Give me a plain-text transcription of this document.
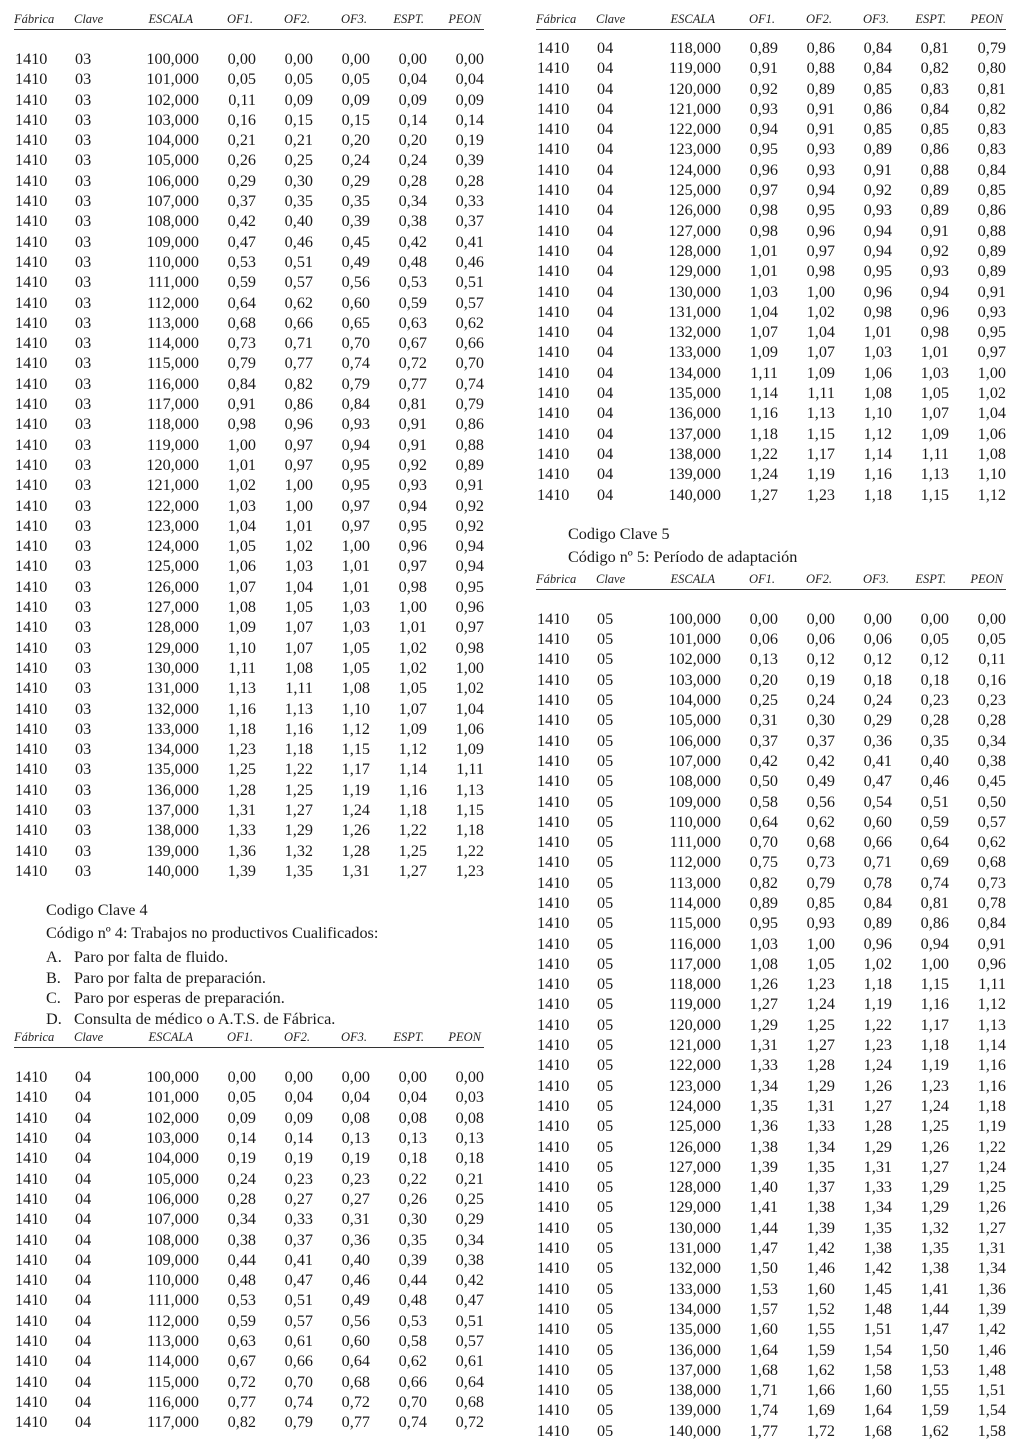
Fábrica	Clave	ESCALA	OF1.	OF2.	OF3.	ESPT.	PEON
1410	03	100,000	0,00	0,00	0,00	0,00	0,00
1410	03	101,000	0,05	0,05	0,05	0,04	0,04
1410	03	102,000	0,11	0,09	0,09	0,09	0,09
1410	03	103,000	0,16	0,15	0,15	0,14	0,14
1410	03	104,000	0,21	0,21	0,20	0,20	0,19
1410	03	105,000	0,26	0,25	0,24	0,24	0,39
1410	03	106,000	0,29	0,30	0,29	0,28	0,28
1410	03	107,000	0,37	0,35	0,35	0,34	0,33
1410	03	108,000	0,42	0,40	0,39	0,38	0,37
1410	03	109,000	0,47	0,46	0,45	0,42	0,41
1410	03	110,000	0,53	0,51	0,49	0,48	0,46
1410	03	111,000	0,59	0,57	0,56	0,53	0,51
1410	03	112,000	0,64	0,62	0,60	0,59	0,57
1410	03	113,000	0,68	0,66	0,65	0,63	0,62
1410	03	114,000	0,73	0,71	0,70	0,67	0,66
1410	03	115,000	0,79	0,77	0,74	0,72	0,70
1410	03	116,000	0,84	0,82	0,79	0,77	0,74
1410	03	117,000	0,91	0,86	0,84	0,81	0,79
1410	03	118,000	0,98	0,96	0,93	0,91	0,86
1410	03	119,000	1,00	0,97	0,94	0,91	0,88
1410	03	120,000	1,01	0,97	0,95	0,92	0,89
1410	03	121,000	1,02	1,00	0,95	0,93	0,91
1410	03	122,000	1,03	1,00	0,97	0,94	0,92
1410	03	123,000	1,04	1,01	0,97	0,95	0,92
1410	03	124,000	1,05	1,02	1,00	0,96	0,94
1410	03	125,000	1,06	1,03	1,01	0,97	0,94
1410	03	126,000	1,07	1,04	1,01	0,98	0,95
1410	03	127,000	1,08	1,05	1,03	1,00	0,96
1410	03	128,000	1,09	1,07	1,03	1,01	0,97
1410	03	129,000	1,10	1,07	1,05	1,02	0,98
1410	03	130,000	1,11	1,08	1,05	1,02	1,00
1410	03	131,000	1,13	1,11	1,08	1,05	1,02
1410	03	132,000	1,16	1,13	1,10	1,07	1,04
1410	03	133,000	1,18	1,16	1,12	1,09	1,06
1410	03	134,000	1,23	1,18	1,15	1,12	1,09
1410	03	135,000	1,25	1,22	1,17	1,14	1,11
1410	03	136,000	1,28	1,25	1,19	1,16	1,13
1410	03	137,000	1,31	1,27	1,24	1,18	1,15
1410	03	138,000	1,33	1,29	1,26	1,22	1,18
1410	03	139,000	1,36	1,32	1,28	1,25	1,22
1410	03	140,000	1,39	1,35	1,31	1,27	1,23
Codigo Clave 4
Código nº 4: Trabajos no productivos Cualificados:
A. Paro por falta de fluido.
B. Paro por falta de preparación.
C. Paro por esperas de preparación.
D. Consulta de médico o A.T.S. de Fábrica.
Fábrica	Clave	ESCALA	OF1.	OF2.	OF3.	ESPT.	PEON
1410	04	100,000	0,00	0,00	0,00	0,00	0,00
1410	04	101,000	0,05	0,04	0,04	0,04	0,03
1410	04	102,000	0,09	0,09	0,08	0,08	0,08
1410	04	103,000	0,14	0,14	0,13	0,13	0,13
1410	04	104,000	0,19	0,19	0,19	0,18	0,18
1410	04	105,000	0,24	0,23	0,23	0,22	0,21
1410	04	106,000	0,28	0,27	0,27	0,26	0,25
1410	04	107,000	0,34	0,33	0,31	0,30	0,29
1410	04	108,000	0,38	0,37	0,36	0,35	0,34
1410	04	109,000	0,44	0,41	0,40	0,39	0,38
1410	04	110,000	0,48	0,47	0,46	0,44	0,42
1410	04	111,000	0,53	0,51	0,49	0,48	0,47
1410	04	112,000	0,59	0,57	0,56	0,53	0,51
1410	04	113,000	0,63	0,61	0,60	0,58	0,57
1410	04	114,000	0,67	0,66	0,64	0,62	0,61
1410	04	115,000	0,72	0,70	0,68	0,66	0,64
1410	04	116,000	0,77	0,74	0,72	0,70	0,68
1410	04	117,000	0,82	0,79	0,77	0,74	0,72
Fábrica	Clave	ESCALA	OF1.	OF2.	OF3.	ESPT.	PEON
1410	04	118,000	0,89	0,86	0,84	0,81	0,79
1410	04	119,000	0,91	0,88	0,84	0,82	0,80
1410	04	120,000	0,92	0,89	0,85	0,83	0,81
1410	04	121,000	0,93	0,91	0,86	0,84	0,82
1410	04	122,000	0,94	0,91	0,85	0,85	0,83
1410	04	123,000	0,95	0,93	0,89	0,86	0,83
1410	04	124,000	0,96	0,93	0,91	0,88	0,84
1410	04	125,000	0,97	0,94	0,92	0,89	0,85
1410	04	126,000	0,98	0,95	0,93	0,89	0,86
1410	04	127,000	0,98	0,96	0,94	0,91	0,88
1410	04	128,000	1,01	0,97	0,94	0,92	0,89
1410	04	129,000	1,01	0,98	0,95	0,93	0,89
1410	04	130,000	1,03	1,00	0,96	0,94	0,91
1410	04	131,000	1,04	1,02	0,98	0,96	0,93
1410	04	132,000	1,07	1,04	1,01	0,98	0,95
1410	04	133,000	1,09	1,07	1,03	1,01	0,97
1410	04	134,000	1,11	1,09	1,06	1,03	1,00
1410	04	135,000	1,14	1,11	1,08	1,05	1,02
1410	04	136,000	1,16	1,13	1,10	1,07	1,04
1410	04	137,000	1,18	1,15	1,12	1,09	1,06
1410	04	138,000	1,22	1,17	1,14	1,11	1,08
1410	04	139,000	1,24	1,19	1,16	1,13	1,10
1410	04	140,000	1,27	1,23	1,18	1,15	1,12
Codigo Clave 5
Código nº 5: Período de adaptación
Fábrica	Clave	ESCALA	OF1.	OF2.	OF3.	ESPT.	PEON
1410	05	100,000	0,00	0,00	0,00	0,00	0,00
1410	05	101,000	0,06	0,06	0,06	0,05	0,05
1410	05	102,000	0,13	0,12	0,12	0,12	0,11
1410	05	103,000	0,20	0,19	0,18	0,18	0,16
1410	05	104,000	0,25	0,24	0,24	0,23	0,23
1410	05	105,000	0,31	0,30	0,29	0,28	0,28
1410	05	106,000	0,37	0,37	0,36	0,35	0,34
1410	05	107,000	0,42	0,42	0,41	0,40	0,38
1410	05	108,000	0,50	0,49	0,47	0,46	0,45
1410	05	109,000	0,58	0,56	0,54	0,51	0,50
1410	05	110,000	0,64	0,62	0,60	0,59	0,57
1410	05	111,000	0,70	0,68	0,66	0,64	0,62
1410	05	112,000	0,75	0,73	0,71	0,69	0,68
1410	05	113,000	0,82	0,79	0,78	0,74	0,73
1410	05	114,000	0,89	0,85	0,84	0,81	0,78
1410	05	115,000	0,95	0,93	0,89	0,86	0,84
1410	05	116,000	1,03	1,00	0,96	0,94	0,91
1410	05	117,000	1,08	1,05	1,02	1,00	0,96
1410	05	118,000	1,26	1,23	1,18	1,15	1,11
1410	05	119,000	1,27	1,24	1,19	1,16	1,12
1410	05	120,000	1,29	1,25	1,22	1,17	1,13
1410	05	121,000	1,31	1,27	1,23	1,18	1,14
1410	05	122,000	1,33	1,28	1,24	1,19	1,16
1410	05	123,000	1,34	1,29	1,26	1,23	1,16
1410	05	124,000	1,35	1,31	1,27	1,24	1,18
1410	05	125,000	1,36	1,33	1,28	1,25	1,19
1410	05	126,000	1,38	1,34	1,29	1,26	1,22
1410	05	127,000	1,39	1,35	1,31	1,27	1,24
1410	05	128,000	1,40	1,37	1,33	1,29	1,25
1410	05	129,000	1,41	1,38	1,34	1,29	1,26
1410	05	130,000	1,44	1,39	1,35	1,32	1,27
1410	05	131,000	1,47	1,42	1,38	1,35	1,31
1410	05	132,000	1,50	1,46	1,42	1,38	1,34
1410	05	133,000	1,53	1,60	1,45	1,41	1,36
1410	05	134,000	1,57	1,52	1,48	1,44	1,39
1410	05	135,000	1,60	1,55	1,51	1,47	1,42
1410	05	136,000	1,64	1,59	1,54	1,50	1,46
1410	05	137,000	1,68	1,62	1,58	1,53	1,48
1410	05	138,000	1,71	1,66	1,60	1,55	1,51
1410	05	139,000	1,74	1,69	1,64	1,59	1,54
1410	05	140,000	1,77	1,72	1,68	1,62	1,58
